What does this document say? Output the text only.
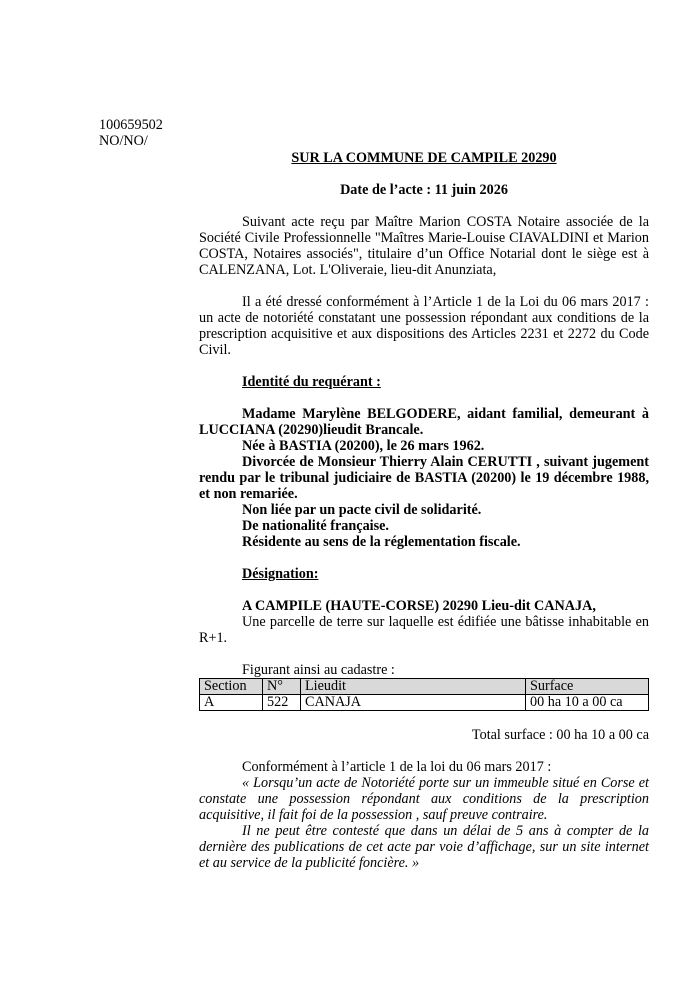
100659502
NO/NO/

SUR LA COMMUNE DE CAMPILE 20290

Date de l’acte : 11 juin 2026

Suivant acte reçu par Maître Marion COSTA Notaire associée de la Société Civile Professionnelle "Maîtres Marie-Louise CIAVALDINI et Marion COSTA, Notaires associés", titulaire d’un Office Notarial dont le siège est à CALENZANA, Lot. L'Oliveraie, lieu-dit Anunziata,

Il a été dressé conformément à l’Article 1 de la Loi du 06 mars 2017 : un acte de notoriété constatant une possession répondant aux conditions de la prescription acquisitive et aux dispositions des Articles 2231 et 2272 du Code Civil.

Identité du requérant :

Madame Marylène BELGODERE, aidant familial, demeurant à LUCCIANA (20290)lieudit Brancale.

Née à BASTIA (20200), le 26 mars 1962.

Divorcée de Monsieur Thierry Alain CERUTTI , suivant jugement rendu par le tribunal judiciaire de BASTIA (20200) le 19 décembre 1988, et non remariée.

Non liée par un pacte civil de solidarité.

De nationalité française.

Résidente au sens de la réglementation fiscale.

Désignation:

A CAMPILE (HAUTE-CORSE) 20290 Lieu-dit CANAJA,

Une parcelle de terre sur laquelle est édifiée une bâtisse inhabitable en R+1.

Figurant ainsi au cadastre :

Section	N°	Lieudit	Surface
A	522	CANAJA	00 ha 10 a 00 ca

Total surface : 00 ha 10 a 00 ca

Conformément à l’article 1 de la loi du 06 mars 2017 :

« Lorsqu’un acte de Notoriété porte sur un immeuble situé en Corse et constate une possession répondant aux conditions de la prescription acquisitive, il fait foi de la possession , sauf preuve contraire.

Il ne peut être contesté que dans un délai de 5 ans à compter de la dernière des publications de cet acte par voie d’affichage, sur un site internet et au service de la publicité foncière. »
